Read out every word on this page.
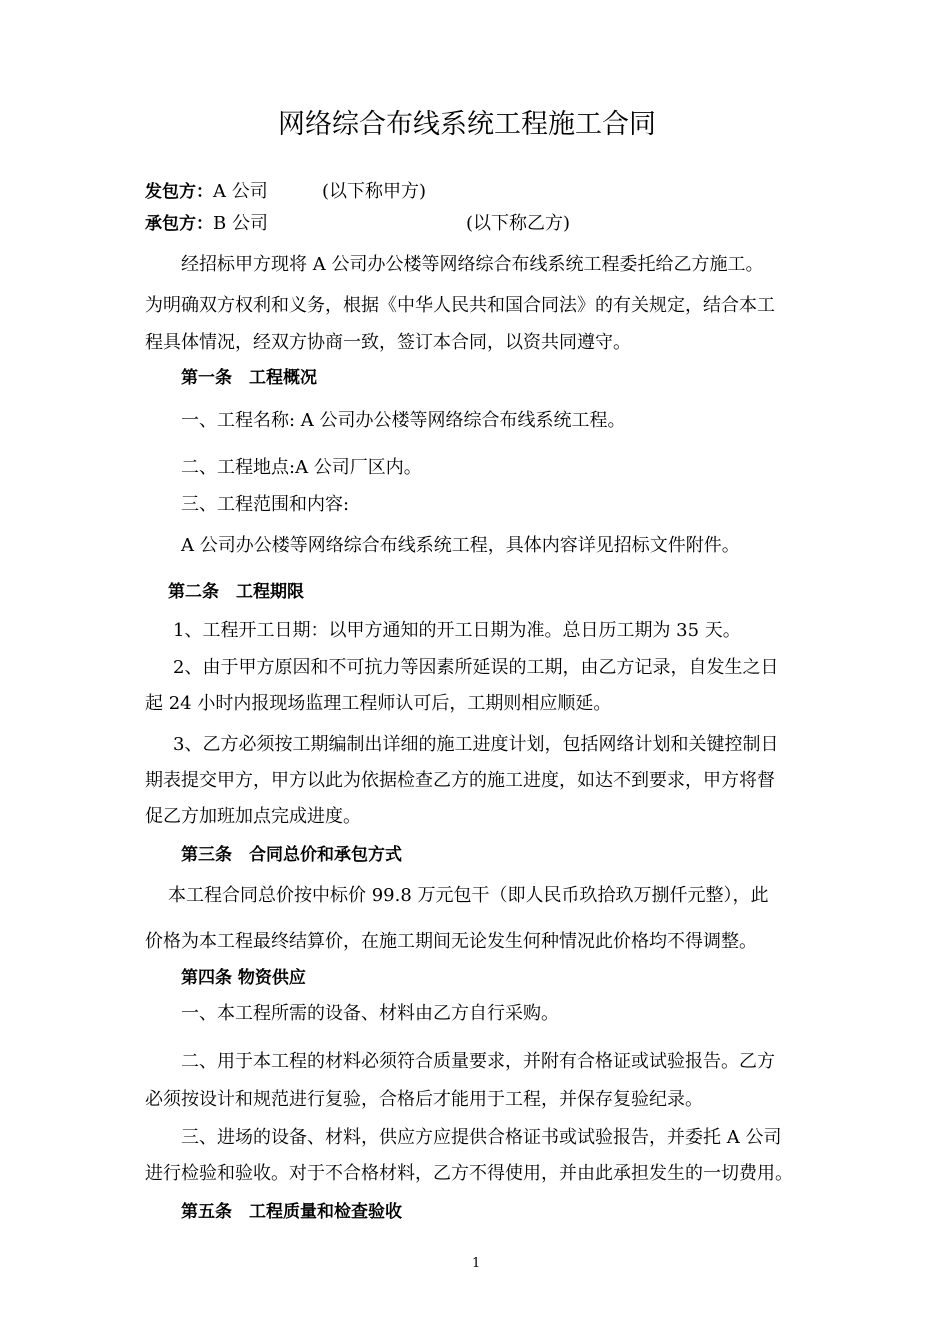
网络综合布线系统工程施工合同
发包方：A 公司	(以下称甲方)
承包方：B 公司	(以下称乙方)
经招标甲方现将 A 公司办公楼等网络综合布线系统工程委托给乙方施工。
为明确双方权利和义务，根据《中华人民共和国合同法》的有关规定，结合本工
程具体情况，经双方协商一致，签订本合同，以资共同遵守。
第一条　工程概况
一、工程名称: A 公司办公楼等网络综合布线系统工程。
二、工程地点:A 公司厂区内。
三、工程范围和内容:
A 公司办公楼等网络综合布线系统工程，具体内容详见招标文件附件。
第二条　工程期限
1、工程开工日期：以甲方通知的开工日期为准。总日历工期为 35 天。
2、由于甲方原因和不可抗力等因素所延误的工期，由乙方记录，自发生之日
起 24 小时内报现场监理工程师认可后，工期则相应顺延。
3、乙方必须按工期编制出详细的施工进度计划，包括网络计划和关键控制日
期表提交甲方，甲方以此为依据检查乙方的施工进度，如达不到要求，甲方将督
促乙方加班加点完成进度。
第三条　合同总价和承包方式
本工程合同总价按中标价 99.8 万元包干（即人民币玖拾玖万捌仟元整），此
价格为本工程最终结算价，在施工期间无论发生何种情况此价格均不得调整。
第四条 物资供应
一、本工程所需的设备、材料由乙方自行采购。
二、用于本工程的材料必须符合质量要求，并附有合格证或试验报告。乙方
必须按设计和规范进行复验，合格后才能用于工程，并保存复验纪录。
三、进场的设备、材料，供应方应提供合格证书或试验报告，并委托 A 公司
进行检验和验收。对于不合格材料，乙方不得使用，并由此承担发生的一切费用。
第五条　工程质量和检查验收
1
